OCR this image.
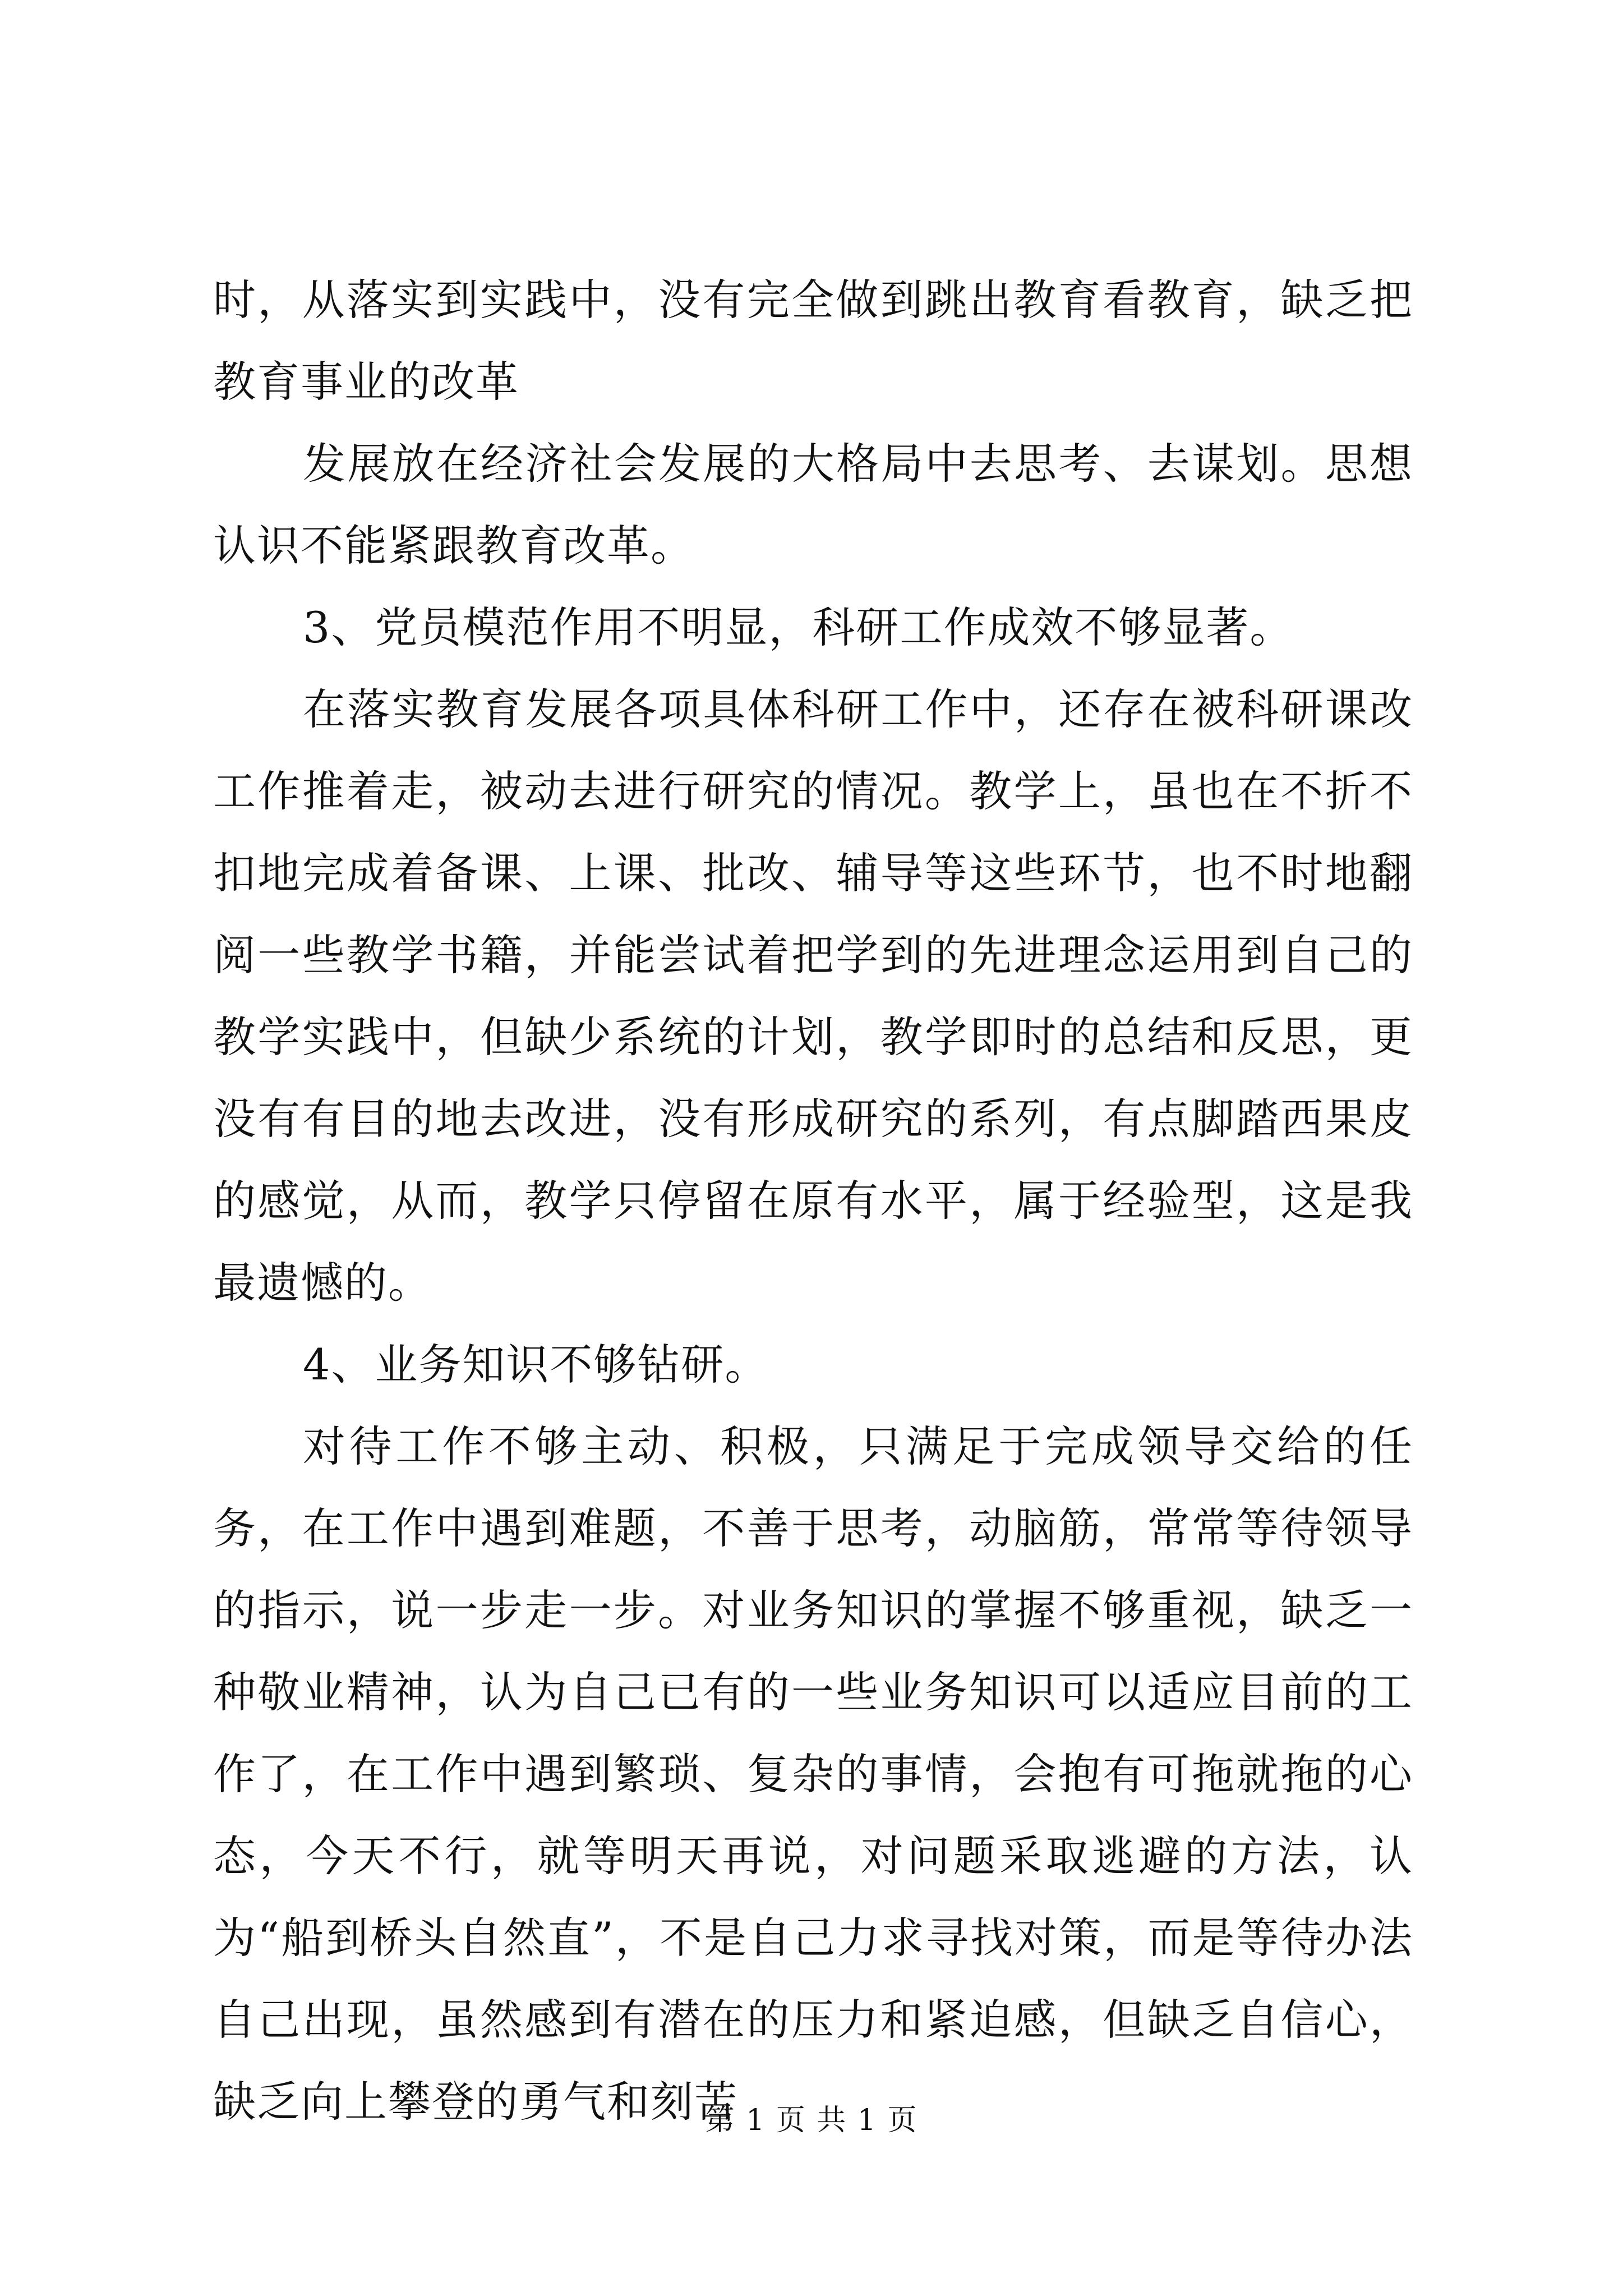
时，从落实到实践中，没有完全做到跳出教育看教育，缺乏把教育事业的改革

发展放在经济社会发展的大格局中去思考、去谋划。思想认识不能紧跟教育改革。

3、党员模范作用不明显，科研工作成效不够显著。

在落实教育发展各项具体科研工作中，还存在被科研课改工作推着走，被动去进行研究的情况。教学上，虽也在不折不扣地完成着备课、上课、批改、辅导等这些环节，也不时地翻阅一些教学书籍，并能尝试着把学到的先进理念运用到自己的教学实践中，但缺少系统的计划，教学即时的总结和反思，更没有有目的地去改进，没有形成研究的系列，有点脚踏西果皮的感觉，从而，教学只停留在原有水平，属于经验型，这是我最遗憾的。

4、业务知识不够钻研。

对待工作不够主动、积极，只满足于完成领导交给的任务，在工作中遇到难题，不善于思考，动脑筋，常常等待领导的指示，说一步走一步。对业务知识的掌握不够重视，缺乏一种敬业精神，认为自己已有的一些业务知识可以适应目前的工作了，在工作中遇到繁琐、复杂的事情，会抱有可拖就拖的心态，今天不行，就等明天再说，对问题采取逃避的方法，认为“船到桥头自然直”，不是自己力求寻找对策，而是等待办法自己出现，虽然感到有潜在的压力和紧迫感，但缺乏自信心，缺乏向上攀登的勇气和刻苦

第 1 页 共 1 页
